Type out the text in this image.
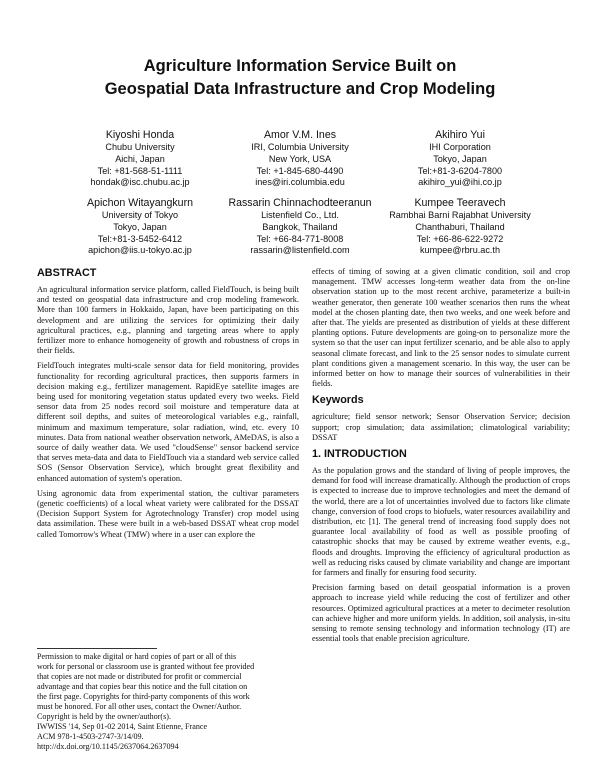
Agriculture Information Service Built on
Geospatial Data Infrastructure and Crop Modeling
Kiyoshi Honda
Chubu University
Aichi, Japan
Tel: +81-568-51-1111
hondak@isc.chubu.ac.jp
Amor V.M. Ines
IRI, Columbia University
New York, USA
Tel: +1-845-680-4490
ines@iri.columbia.edu
Akihiro Yui
IHI Corporation
Tokyo, Japan
Tel:+81-3-6204-7800
akihiro_yui@ihi.co.jp
Apichon Witayangkurn
University of Tokyo
Tokyo, Japan
Tel:+81-3-5452-6412
apichon@iis.u-tokyo.ac.jp
Rassarin Chinnachodteeranun
Listenfield Co., Ltd.
Bangkok, Thailand
Tel: +66-84-771-8008
rassarin@listenfield.com
Kumpee Teeravech
Rambhai Barni Rajabhat University
Chanthaburi, Thailand
Tel: +66-86-622-9272
kumpee@rbru.ac.th
ABSTRACT

An agricultural information service platform, called FieldTouch, is being built and tested on geospatial data infrastructure and crop modeling framework. More than 100 farmers in Hokkaido, Japan, have been participating on this development and are utilizing the services for optimizing their daily agricultural practices, e.g., planning and targeting areas where to apply fertilizer more to enhance homogeneity of growth and robustness of crops in their fields.

FieldTouch integrates multi-scale sensor data for field monitoring, provides functionality for recording agricultural practices, then supports farmers in decision making e.g., fertilizer management. RapidEye satellite images are being used for monitoring vegetation status updated every two weeks. Field sensor data from 25 nodes record soil moisture and temperature data at different soil depths, and suites of meteorological variables e.g., rainfall, minimum and maximum temperature, solar radiation, wind, etc. every 10 minutes. Data from national weather observation network, AMeDAS, is also a source of daily weather data. We used "cloudSense" sensor backend service that serves meta-data and data to FieldTouch via a standard web service called SOS (Sensor Observation Service), which brought great flexibility and enhanced automation of system's operation.

Using agronomic data from experimental station, the cultivar parameters (genetic coefficients) of a local wheat variety were calibrated for the DSSAT (Decision Support System for Agrotechnology Transfer) crop model using data assimilation. These were built in a web-based DSSAT wheat crop model called Tomorrow's Wheat (TMW) where in a user can explore the

Permission to make digital or hard copies of part or all of this
work for personal or classroom use is granted without fee provided
that copies are not made or distributed for profit or commercial
advantage and that copies bear this notice and the full citation on
the first page. Copyrights for third-party components of this work
must be honored. For all other uses, contact the Owner/Author.
Copyright is held by the owner/author(s).
IWWISS '14, Sep 01-02 2014, Saint Etienne, France
ACM 978-1-4503-2747-3/14/09.
http://dx.doi.org/10.1145/2637064.2637094

effects of timing of sowing at a given climatic condition, soil and crop management. TMW accesses long-term weather data from the on-line observation station up to the most recent archive, parameterize a built-in weather generator, then generate 100 weather scenarios then runs the wheat model at the chosen planting date, then two weeks, and one week before and after that. The yields are presented as distribution of yields at these different planting options. Future developments are going-on to personalize more the system so that the user can input fertilizer scenario, and be able also to apply seasonal climate forecast, and link to the 25 sensor nodes to simulate current plant conditions given a management scenario. In this way, the user can be informed better on how to manage their sources of vulnerabilities in their fields.

Keywords

agriculture; field sensor network; Sensor Observation Service; decision support; crop simulation; data assimilation; climatological variability; DSSAT

1. INTRODUCTION

As the population grows and the standard of living of people improves, the demand for food will increase dramatically. Although the production of crops is expected to increase due to improve technologies and meet the demand of the world, there are a lot of uncertainties involved due to factors like climate change, conversion of food crops to biofuels, water resources availability and distribution, etc [1]. The general trend of increasing food supply does not guarantee local availability of food as well as possible proofing of catastrophic shocks that may be caused by extreme weather events, e.g., floods and droughts. Improving the efficiency of agricultural production as well as reducing risks caused by climate variability and change are important for farmers and finally for ensuring food security.

Precision farming based on detail geospatial information is a proven approach to increase yield while reducing the cost of fertilizer and other resources. Optimized agricultural practices at a meter to decimeter resolution can achieve higher and more uniform yields. In addition, soil analysis, in-situ sensing to remote sensing technology and information technology (IT) are essential tools that enable precision agriculture.
